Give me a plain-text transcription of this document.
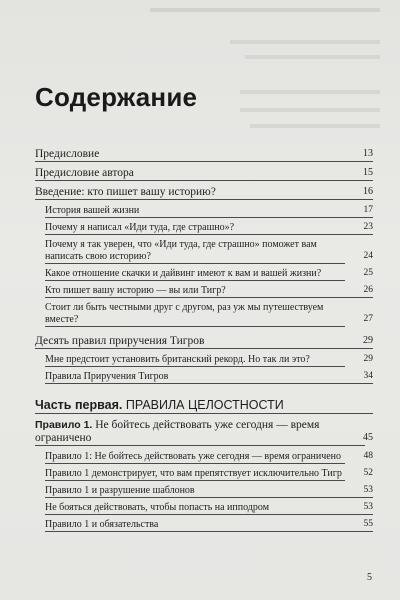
Содержание
Предисловие	13
Предисловие автора	15
Введение: кто пишет вашу историю?	16
История вашей жизни	17
Почему я написал «Иди туда, где страшно»?	23
Почему я так уверен, что «Иди туда, где страшно» поможет вам написать свою историю?	24
Какое отношение скачки и дайвинг имеют к вам и вашей жизни?	25
Кто пишет вашу историю — вы или Тигр?	26
Стоит ли быть честными друг с другом, раз уж мы путешествуем вместе?	27
Десять правил приручения Тигров	29
Мне предстоит установить британский рекорд. Но так ли это?	29
Правила Приручения Тигров	34
Часть первая. ПРАВИЛА ЦЕЛОСТНОСТИ
Правило 1. Не бойтесь действовать уже сегодня — время ограничено	45
Правило 1: Не бойтесь действовать уже сегодня — время ограничено	48
Правило 1 демонстрирует, что вам препятствует исключительно Тигр	52
Правило 1 и разрушение шаблонов	53
Не бояться действовать, чтобы попасть на ипподром	53
Правило 1 и обязательства	55
5
